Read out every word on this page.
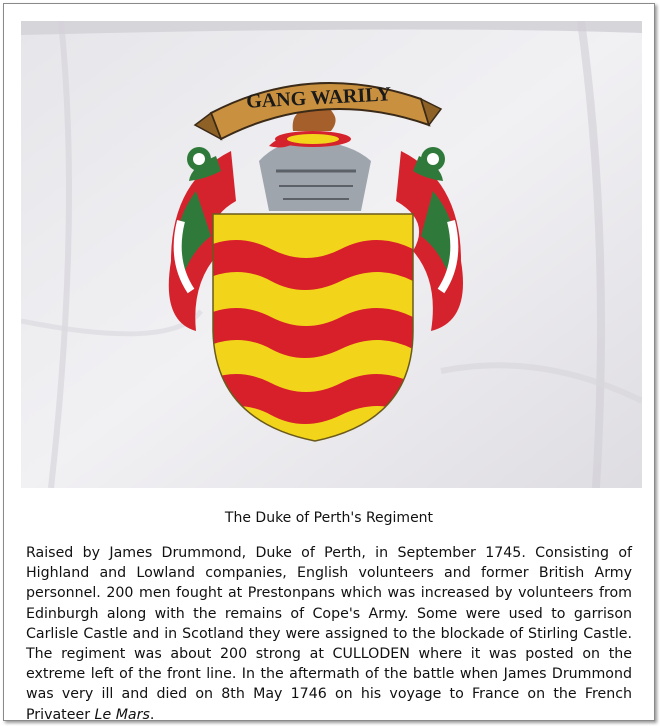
GANG WARILY
The Duke of Perth's Regiment
Raised by James Drummond, Duke of Perth, in September 1745. Consisting of Highland and Lowland companies, English volunteers and former British Army personnel. 200 men fought at Prestonpans which was increased by volunteers from Edinburgh along with the remains of Cope's Army. Some were used to garrison Carlisle Castle and in Scotland they were assigned to the blockade of Stirling Castle. The regiment was about 200 strong at CULLODEN where it was posted on the extreme left of the front line. In the aftermath of the battle when James Drummond was very ill and died on 8th May 1746 on his voyage to France on the French Privateer Le Mars.
